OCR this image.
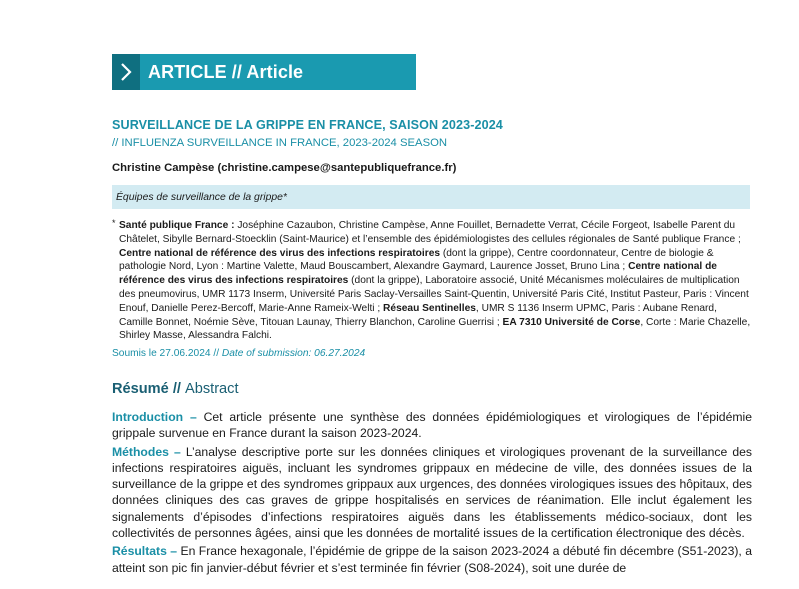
ARTICLE // Article
SURVEILLANCE DE LA GRIPPE EN FRANCE, SAISON 2023-2024
// INFLUENZA SURVEILLANCE IN FRANCE, 2023-2024 SEASON
Christine Campèse (christine.campese@santepubliquefrance.fr)
Équipes de surveillance de la grippe*
* Santé publique France : Joséphine Cazaubon, Christine Campèse, Anne Fouillet, Bernadette Verrat, Cécile Forgeot, Isabelle Parent du Châtelet, Sibylle Bernard-Stoecklin (Saint-Maurice) et l’ensemble des épidémiologistes des cellules régionales de Santé publique France ; Centre national de référence des virus des infections respiratoires (dont la grippe), Centre coordonnateur, Centre de biologie & pathologie Nord, Lyon : Martine Valette, Maud Bouscambert, Alexandre Gaymard, Laurence Josset, Bruno Lina ; Centre national de référence des virus des infections respiratoires (dont la grippe), Laboratoire associé, Unité Mécanismes moléculaires de multiplication des pneumovirus, UMR 1173 Inserm, Université Paris Saclay-Versailles Saint-Quentin, Université Paris Cité, Institut Pasteur, Paris : Vincent Enouf, Danielle Perez-Bercoff, Marie-Anne Rameix-Welti ; Réseau Sentinelles, UMR S 1136 Inserm UPMC, Paris : Aubane Renard, Camille Bonnet, Noémie Sève, Titouan Launay, Thierry Blanchon, Caroline Guerrisi ; EA 7310 Université de Corse, Corte : Marie Chazelle, Shirley Masse, Alessandra Falchi.
Soumis le 27.06.2024 // Date of submission: 06.27.2024
Résumé // Abstract

Introduction – Cet article présente une synthèse des données épidémiologiques et virologiques de l’épidémie grippale survenue en France durant la saison 2023-2024.

Méthodes – L’analyse descriptive porte sur les données cliniques et virologiques provenant de la surveillance des infections respiratoires aiguës, incluant les syndromes grippaux en médecine de ville, des données issues de la surveillance de la grippe et des syndromes grippaux aux urgences, des données virologiques issues des hôpitaux, des données cliniques des cas graves de grippe hospitalisés en services de réanimation. Elle inclut également les signalements d’épisodes d’infections respiratoires aiguës dans les établissements médico-sociaux, dont les collectivités de personnes âgées, ainsi que les données de mortalité issues de la certification électronique des décès.

Résultats – En France hexagonale, l’épidémie de grippe de la saison 2023-2024 a débuté fin décembre (S51-2023), a atteint son pic fin janvier-début février et s’est terminée fin février (S08-2024), soit une durée de
